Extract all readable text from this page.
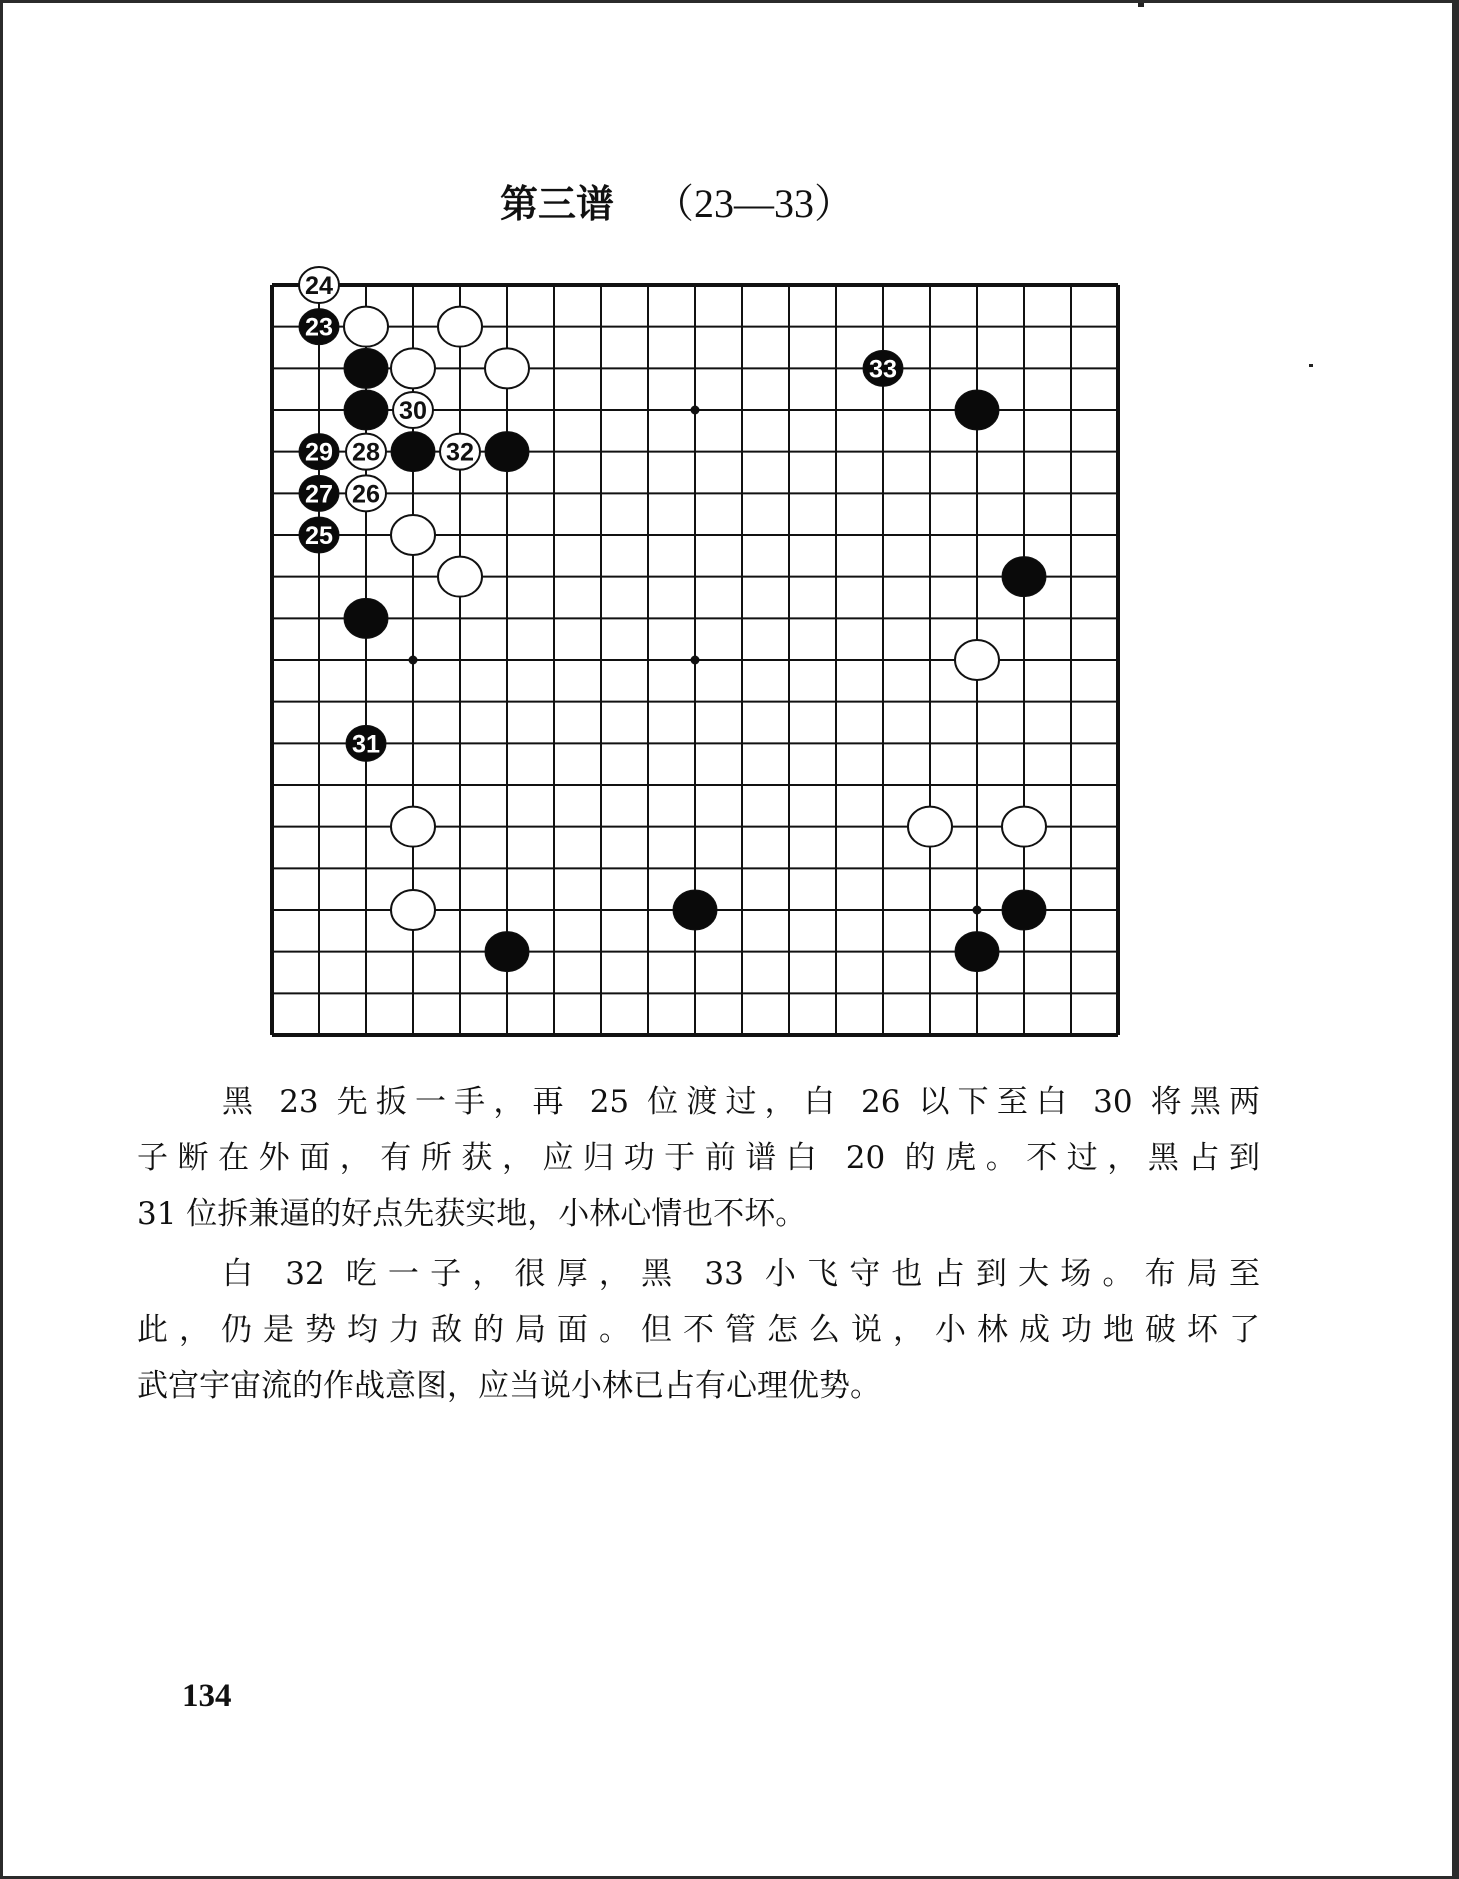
第三谱 （23—33）
24
23
30
29 28	32
27 26
25
31
33
黑 23 先扳一手，再 25 位渡过，白 26 以下至白 30 将黑两
子断在外面，有所获，应归功于前谱白 20 的虎。不过，黑占到
31 位拆兼逼的好点先获实地，小林心情也不坏。
白 32 吃一子，很厚，黑 33 小飞守也占到大场。布局至
此，仍是势均力敌的局面。但不管怎么说，小林成功地破坏了
武宫宇宙流的作战意图，应当说小林已占有心理优势。
134
